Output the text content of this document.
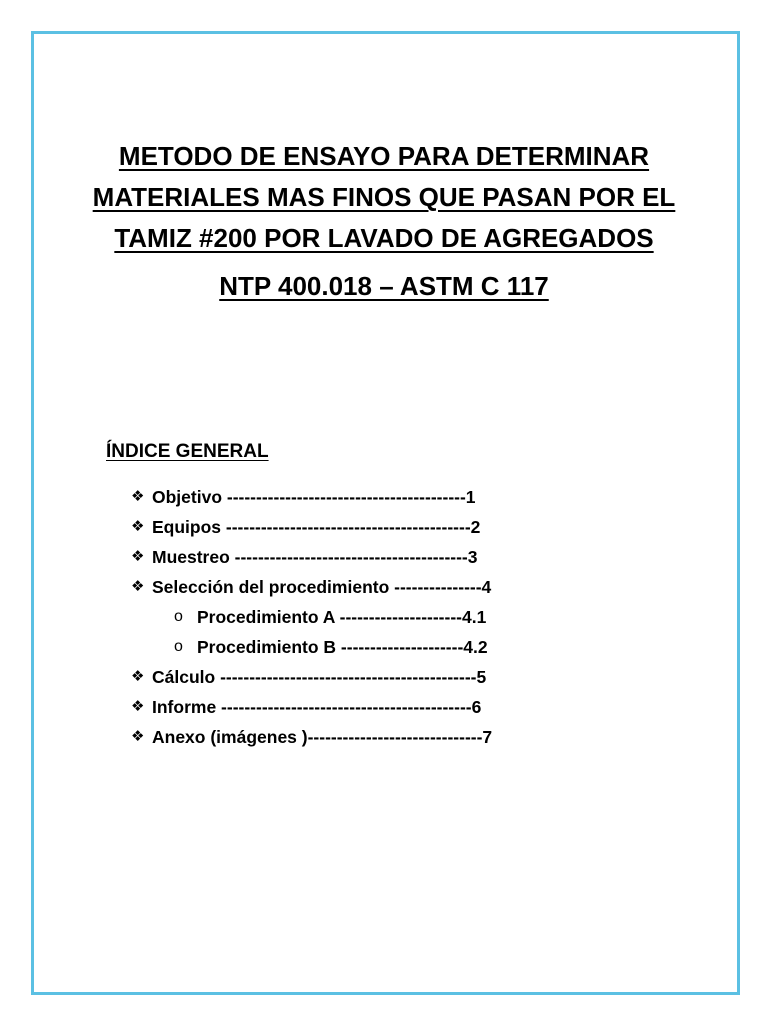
METODO DE ENSAYO PARA DETERMINAR
MATERIALES MAS FINOS QUE PASAN POR EL
TAMIZ #200 POR LAVADO DE AGREGADOS
NTP 400.018 – ASTM C 117
ÍNDICE GENERAL
❖ Objetivo -----------------------------------------1
❖ Equipos ------------------------------------------2
❖ Muestreo ----------------------------------------3
❖ Selección del procedimiento ---------------4
o Procedimiento A ---------------------4.1
o Procedimiento B ---------------------4.2
❖ Cálculo --------------------------------------------5
❖ Informe -------------------------------------------6
❖ Anexo (imágenes )------------------------------7
